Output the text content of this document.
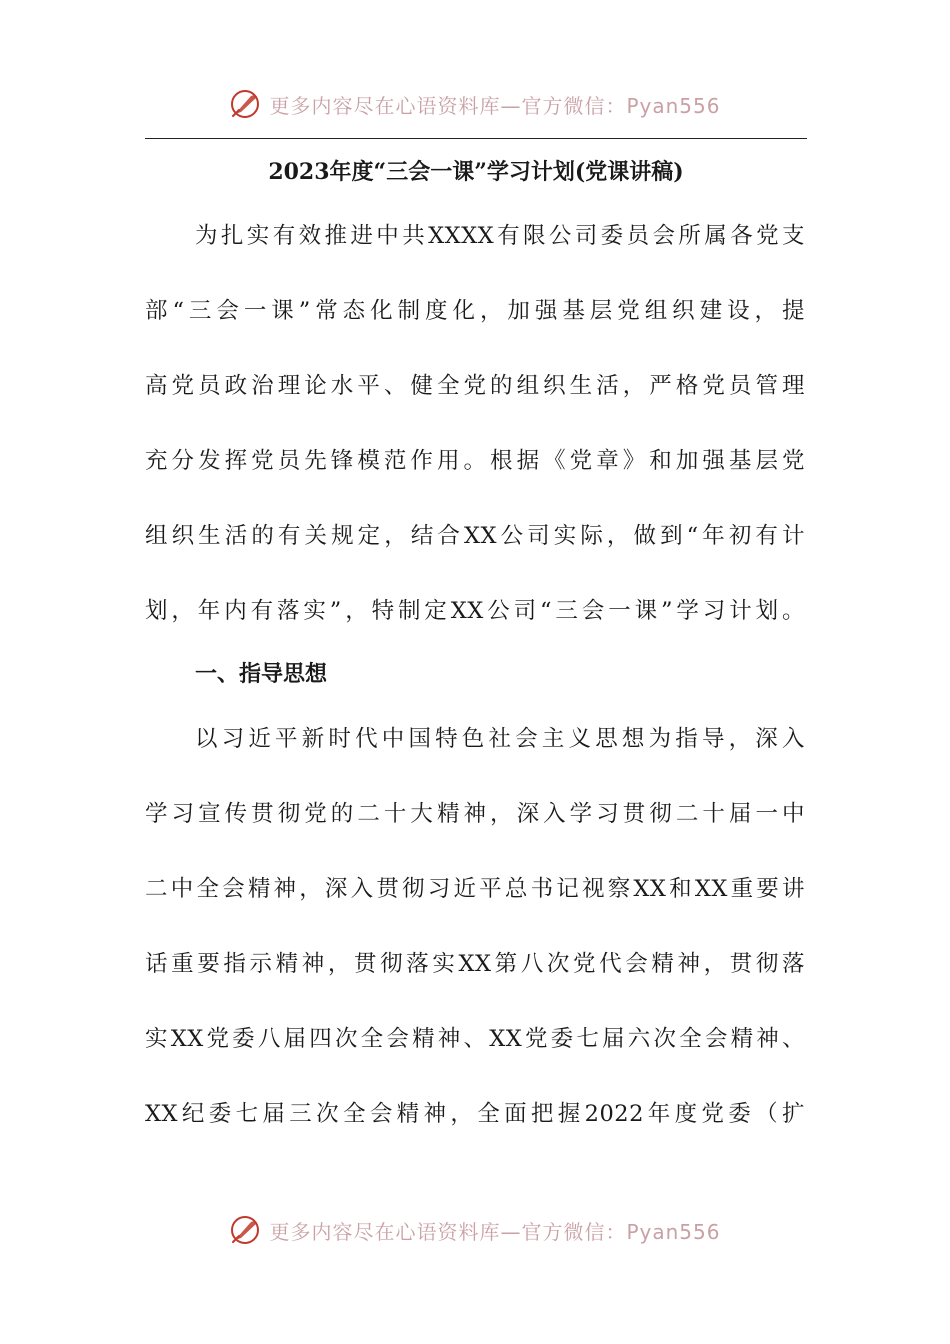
更多内容尽在心语资料库—官方微信：Pyan556
2023年度“三会一课”学习计划(党课讲稿)
为扎实有效推进中共XXXX有限公司委员会所属各党支
部“三会一课”常态化制度化，加强基层党组织建设，提
高党员政治理论水平、健全党的组织生活，严格党员管理
充分发挥党员先锋模范作用。根据《党章》和加强基层党
组织生活的有关规定，结合XX公司实际，做到“年初有计
划，年内有落实”，特制定XX公司“三会一课”学习计划。
一、指导思想
以习近平新时代中国特色社会主义思想为指导，深入
学习宣传贯彻党的二十大精神，深入学习贯彻二十届一中
二中全会精神，深入贯彻习近平总书记视察XX和XX重要讲
话重要指示精神，贯彻落实XX第八次党代会精神，贯彻落
实XX党委八届四次全会精神、XX党委七届六次全会精神、
XX纪委七届三次全会精神，全面把握2022年度党委（扩
更多内容尽在心语资料库—官方微信：Pyan556
